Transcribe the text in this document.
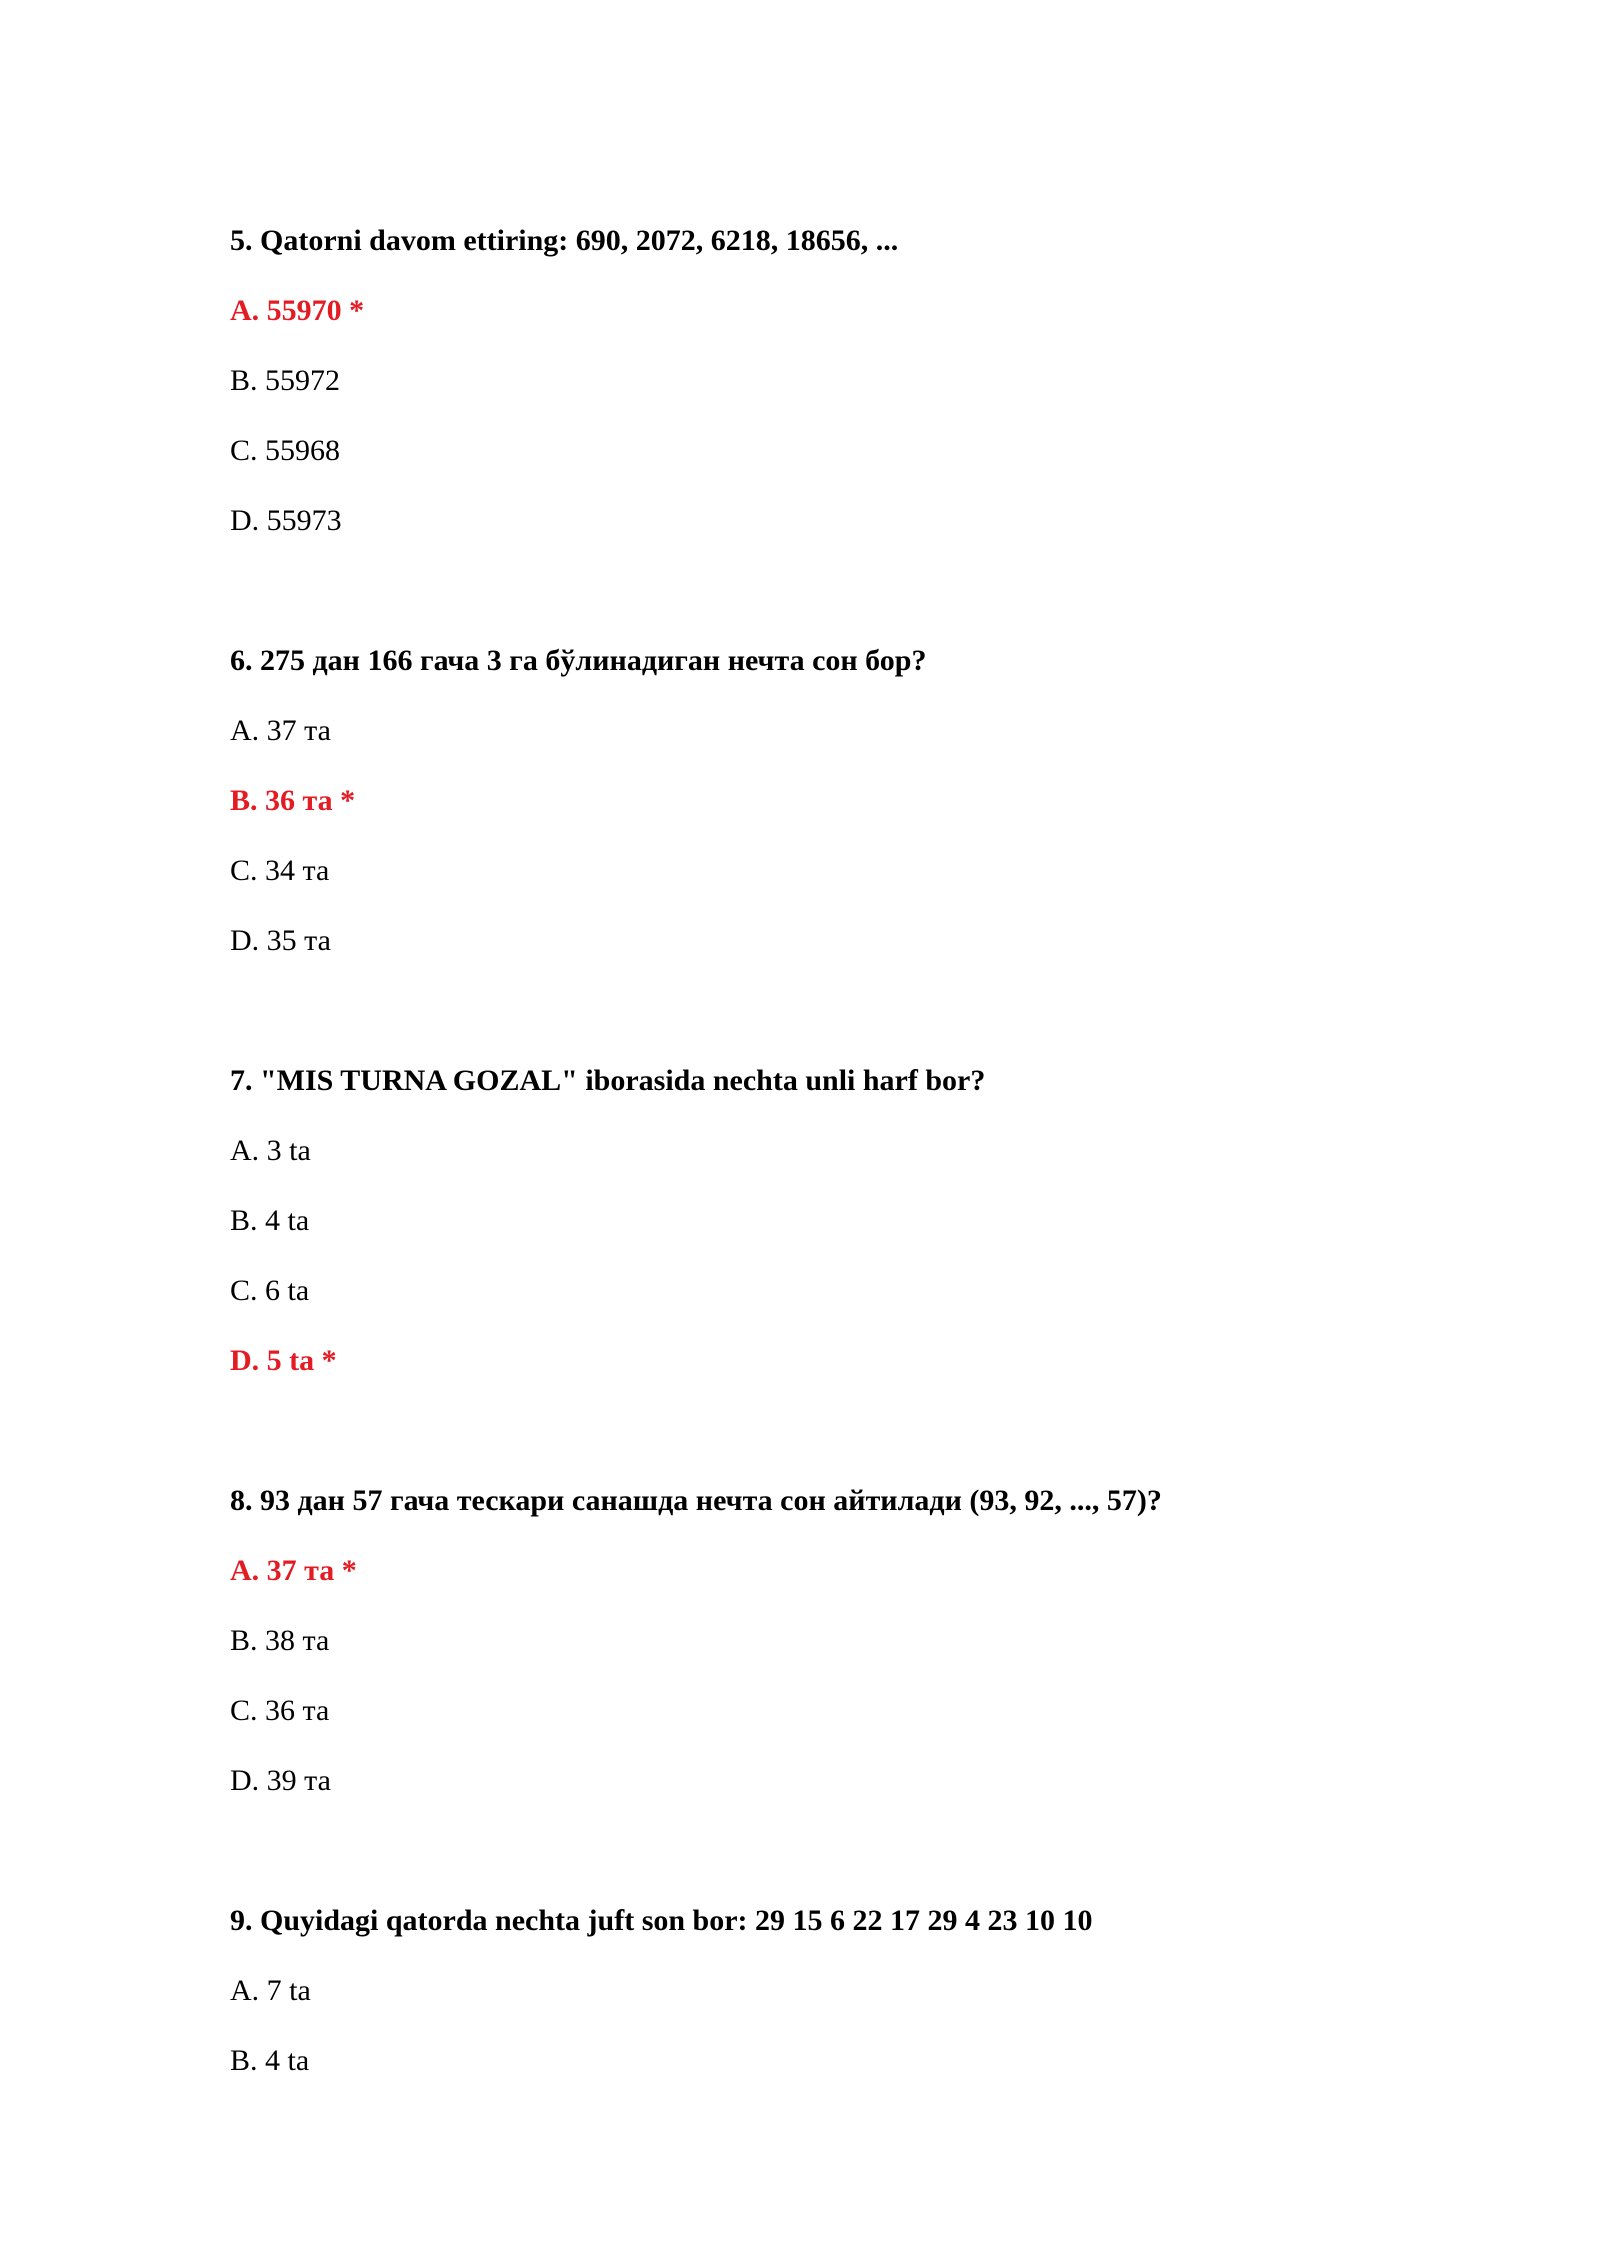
5. Qatorni davom ettiring: 690, 2072, 6218, 18656, ...
A. 55970 *
B. 55972
C. 55968
D. 55973
6. 275 дан 166 гача 3 га бўлинадиган нечта сон бор?
A. 37 та
B. 36 та *
C. 34 та
D. 35 та
7. "MIS TURNA GOZAL" iborasida nechta unli harf bor?
A. 3 ta
B. 4 ta
C. 6 ta
D. 5 ta *
8. 93 дан 57 гача тескари санашда нечта сон айтилади (93, 92, ..., 57)?
A. 37 та *
B. 38 та
C. 36 та
D. 39 та
9. Quyidagi qatorda nechta juft son bor: 29 15 6 22 17 29 4 23 10 10
A. 7 ta
B. 4 ta
